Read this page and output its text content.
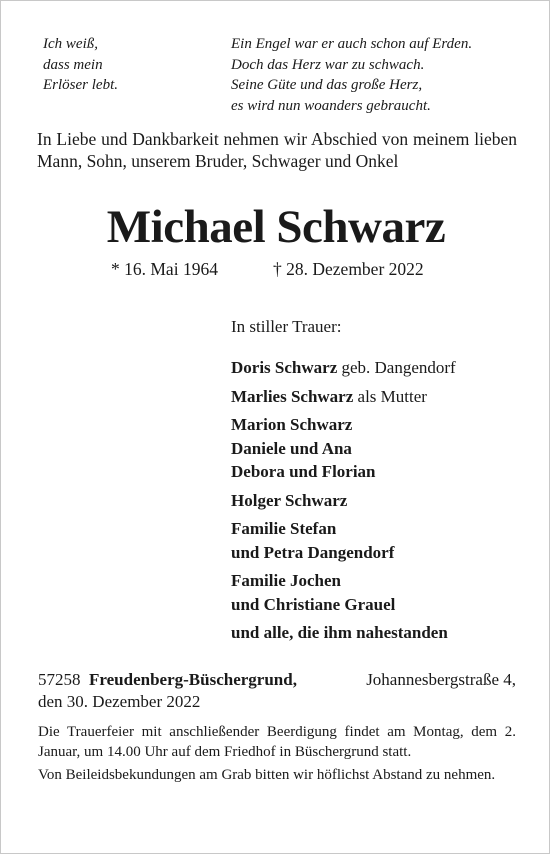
Ich weiß,
dass mein
Erlöser lebt.
Ein Engel war er auch schon auf Erden.
Doch das Herz war zu schwach.
Seine Güte und das große Herz,
es wird nun woanders gebraucht.
In Liebe und Dankbarkeit nehmen wir Abschied von meinem lieben Mann, Sohn, unserem Bruder, Schwager und Onkel
Michael Schwarz
* 16. Mai 1964	† 28. Dezember 2022
In stiller Trauer:
Doris Schwarz geb. Dangendorf
Marlies Schwarz als Mutter
Marion Schwarz
Daniele und Ana
Debora und Florian
Holger Schwarz
Familie Stefan
und Petra Dangendorf
Familie Jochen
und Christiane Grauel
und alle, die ihm nahestanden
57258 Freudenberg-Büschergrund,	Johannesbergstraße 4,
den 30. Dezember 2022

Die Trauerfeier mit anschließender Beerdigung findet am Montag, dem 2. Januar, um 14.00 Uhr auf dem Friedhof in Büschergrund statt.

Von Beileidsbekundungen am Grab bitten wir höflichst Abstand zu nehmen.
